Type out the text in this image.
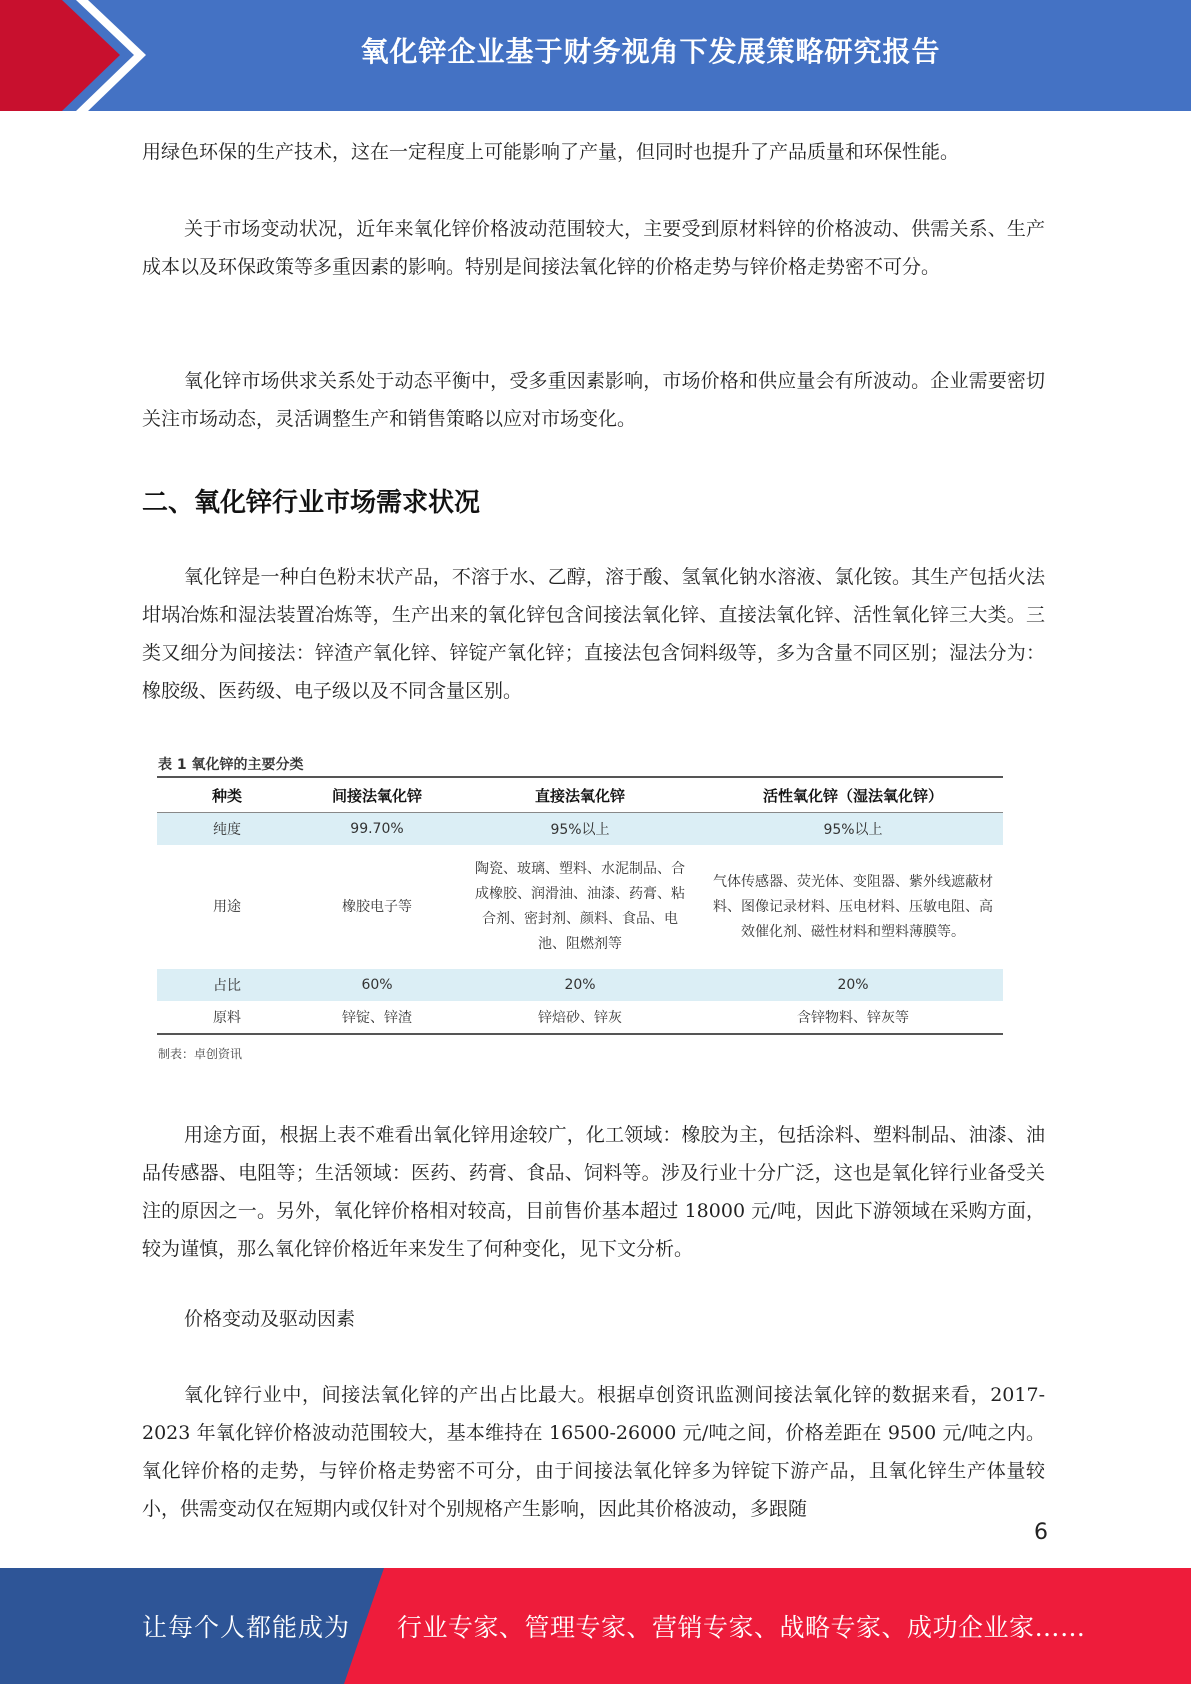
氧化锌企业基于财务视角下发展策略研究报告

用绿色环保的生产技术，这在一定程度上可能影响了产量，但同时也提升了产品质量和环保性能。

关于市场变动状况，近年来氧化锌价格波动范围较大，主要受到原材料锌的价格波动、供需关系、生产成本以及环保政策等多重因素的影响。特别是间接法氧化锌的价格走势与锌价格走势密不可分。

氧化锌市场供求关系处于动态平衡中，受多重因素影响，市场价格和供应量会有所波动。企业需要密切关注市场动态，灵活调整生产和销售策略以应对市场变化。

二、氧化锌行业市场需求状况

氧化锌是一种白色粉末状产品，不溶于水、乙醇，溶于酸、氢氧化钠水溶液、氯化铵。其生产包括火法坩埚冶炼和湿法装置冶炼等，生产出来的氧化锌包含间接法氧化锌、直接法氧化锌、活性氧化锌三大类。三类又细分为间接法：锌渣产氧化锌、锌锭产氧化锌；直接法包含饲料级等，多为含量不同区别；湿法分为：橡胶级、医药级、电子级以及不同含量区别。

表 1 氧化锌的主要分类
种类	间接法氧化锌	直接法氧化锌	活性氧化锌（湿法氧化锌）
纯度	99.70%	95%以上	95%以上
用途	橡胶电子等	陶瓷、玻璃、塑料、水泥制品、合成橡胶、润滑油、油漆、药膏、粘合剂、密封剂、颜料、食品、电池、阻燃剂等	气体传感器、荧光体、变阻器、紫外线遮蔽材料、图像记录材料、压电材料、压敏电阻、高效催化剂、磁性材料和塑料薄膜等。
占比	60%	20%	20%
原料	锌锭、锌渣	锌焙砂、锌灰	含锌物料、锌灰等
制表：卓创资讯

用途方面，根据上表不难看出氧化锌用途较广，化工领域：橡胶为主，包括涂料、塑料制品、油漆、油品传感器、电阻等；生活领域：医药、药膏、食品、饲料等。涉及行业十分广泛，这也是氧化锌行业备受关注的原因之一。另外，氧化锌价格相对较高，目前售价基本超过 18000 元/吨，因此下游领域在采购方面，较为谨慎，那么氧化锌价格近年来发生了何种变化，见下文分析。

价格变动及驱动因素

氧化锌行业中，间接法氧化锌的产出占比最大。根据卓创资讯监测间接法氧化锌的数据来看，2017-2023 年氧化锌价格波动范围较大，基本维持在 16500-26000 元/吨之间，价格差距在 9500 元/吨之内。氧化锌价格的走势，与锌价格走势密不可分，由于间接法氧化锌多为锌锭下游产品，且氧化锌生产体量较小，供需变动仅在短期内或仅针对个别规格产生影响，因此其价格波动，多跟随

6
让每个人都能成为 行业专家、管理专家、营销专家、战略专家、成功企业家……
